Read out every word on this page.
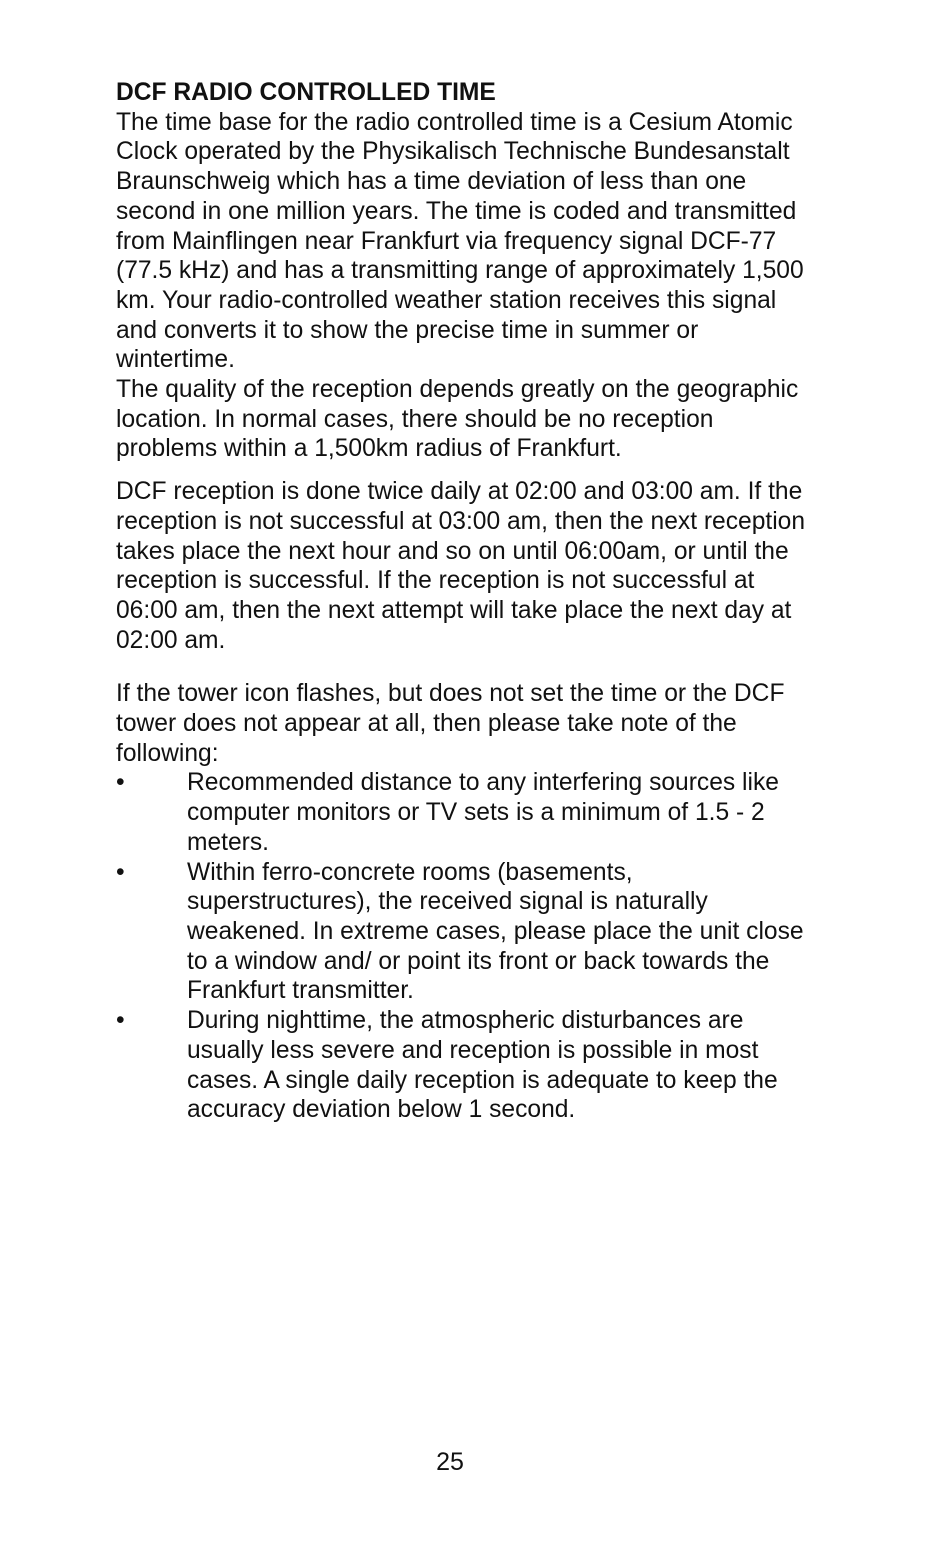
DCF RADIO CONTROLLED TIME

The time base for the radio controlled time is a Cesium Atomic Clock operated by the Physikalisch Technische Bundesanstalt Braunschweig which has a time deviation of less than one second in one million years. The time is coded and transmitted from Mainflingen near Frankfurt via frequency signal DCF-77 (77.5 kHz) and has a transmitting range of approximately 1,500 km. Your radio-controlled weather station receives this signal and converts it to show the precise time in summer or wintertime.

The quality of the reception depends greatly on the geographic location. In normal cases, there should be no reception problems within a 1,500km radius of Frankfurt.

DCF reception is done twice daily at 02:00 and 03:00 am. If the reception is not successful at 03:00 am, then the next reception takes place the next hour and so on until 06:00am, or until the reception is successful. If the reception is not successful at 06:00 am, then the next attempt will take place the next day at 02:00 am.

If the tower icon flashes, but does not set the time or the DCF tower does not appear at all, then please take note of the following:

•	Recommended distance to any interfering sources like computer monitors or TV sets is a minimum of 1.5 - 2 meters.
•	Within ferro-concrete rooms (basements, superstructures), the received signal is naturally weakened. In extreme cases, please place the unit close to a window and/ or point its front or back towards the Frankfurt transmitter.
•	During nighttime, the atmospheric disturbances are usually less severe and reception is possible in most cases. A single daily reception is adequate to keep the accuracy deviation below 1 second.
25
